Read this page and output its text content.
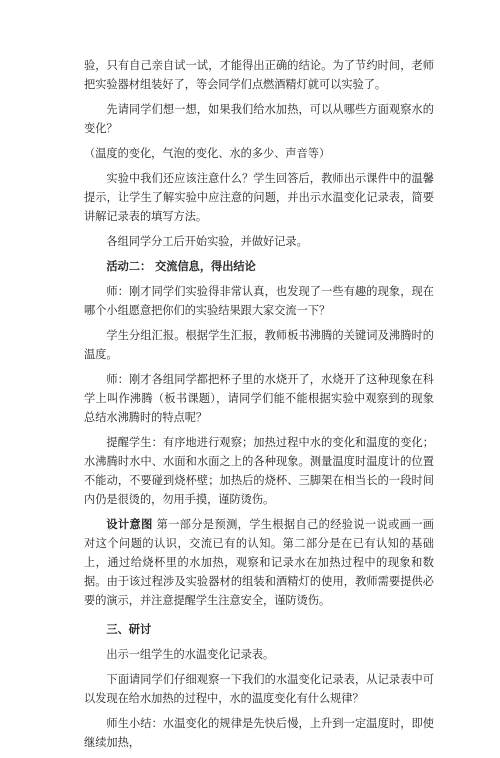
验，只有自己亲自试一试，才能得出正确的结论。为了节约时间，老师把实验器材组装好了，等会同学们点燃酒精灯就可以实验了。

先请同学们想一想，如果我们给水加热，可以从哪些方面观察水的变化？

（温度的变化，气泡的变化、水的多少、声音等）

实验中我们还应该注意什么？学生回答后，教师出示课件中的温馨提示，让学生了解实验中应注意的问题，并出示水温变化记录表，简要讲解记录表的填写方法。

各组同学分工后开始实验，并做好记录。

活动二： 交流信息，得出结论

师：刚才同学们实验得非常认真，也发现了一些有趣的现象，现在哪个小组愿意把你们的实验结果跟大家交流一下？

学生分组汇报。根据学生汇报，教师板书沸腾的关键词及沸腾时的温度。

师：刚才各组同学都把杯子里的水烧开了，水烧开了这种现象在科学上叫作沸腾（板书课题），请同学们能不能根据实验中观察到的现象总结水沸腾时的特点呢？

提醒学生：有序地进行观察；加热过程中水的变化和温度的变化；水沸腾时水中、水面和水面之上的各种现象。测量温度时温度计的位置不能动，不要碰到烧杯壁；加热后的烧杯、三脚架在相当长的一段时间内仍是很烫的，勿用手摸，谨防烫伤。

设计意图 第一部分是预测，学生根据自己的经验说一说或画一画对这个问题的认识，交流已有的认知。第二部分是在已有认知的基础上，通过给烧杯里的水加热，观察和记录水在加热过程中的现象和数据。由于该过程涉及实验器材的组装和酒精灯的使用，教师需要提供必要的演示，并注意提醒学生注意安全，谨防烫伤。

三、研讨

出示一组学生的水温变化记录表。

下面请同学们仔细观察一下我们的水温变化记录表，从记录表中可以发现在给水加热的过程中，水的温度变化有什么规律？

师生小结：水温变化的规律是先快后慢，上升到一定温度时，即使继续加热，
